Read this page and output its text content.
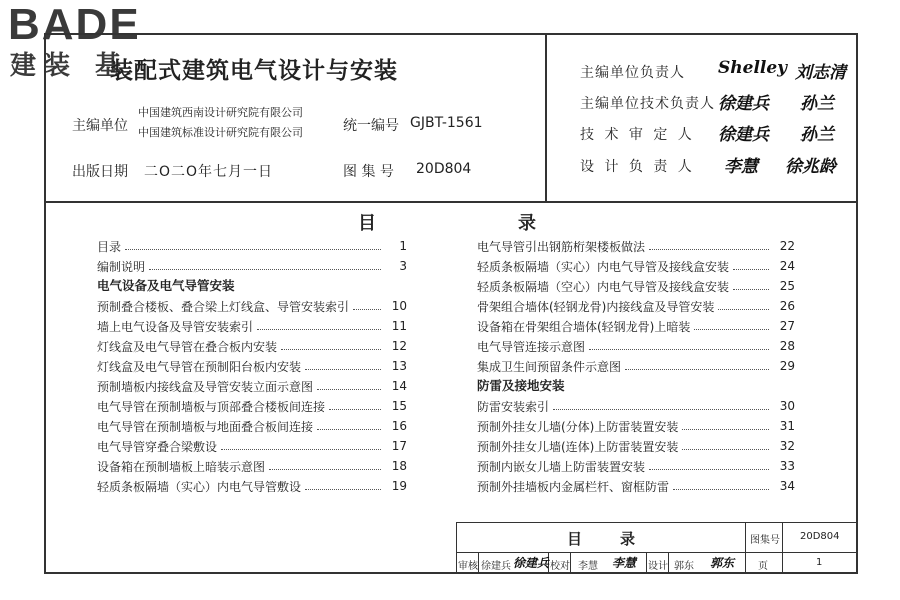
BADE
建装 基
装配式建筑电气设计与安装
主编单位
中国建筑西南设计研究院有限公司
中国建筑标准设计研究院有限公司	统一编号 GJBT-1561
出版日期 二O二O年七月一日	图 集 号 20D804
主编单位负责人 Shelley 刘志清
主编单位技术负责人 徐建兵 孙兰
技 术 审 定 人 徐建兵 孙兰
设 计 负 责 人 李慧 徐兆龄
目	录
目录	1
编制说明	3
电气设备及电气导管安装
预制叠合楼板、叠合梁上灯线盒、导管安装索引	10
墙上电气设备及导管安装索引	11
灯线盒及电气导管在叠合板内安装	12
灯线盒及电气导管在预制阳台板内安装	13
预制墙板内接线盒及导管安装立面示意图	14
电气导管在预制墙板与顶部叠合楼板间连接	15
电气导管在预制墙板与地面叠合板间连接	16
电气导管穿叠合梁敷设	17
设备箱在预制墙板上暗装示意图	18
轻质条板隔墙（实心）内电气导管敷设	19
电气导管引出钢筋桁架楼板做法	22
轻质条板隔墙（实心）内电气导管及接线盒安装	24
轻质条板隔墙（空心）内电气导管及接线盒安装	25
骨架组合墙体(轻钢龙骨)内接线盒及导管安装	26
设备箱在骨架组合墙体(轻钢龙骨)上暗装	27
电气导管连接示意图	28
集成卫生间预留条件示意图	29
防雷及接地安装
防雷安装索引	30
预制外挂女儿墙(分体)上防雷装置安装	31
预制外挂女儿墙(连体)上防雷装置安装	32
预制内嵌女儿墙上防雷装置安装	33
预制外挂墙板内金属栏杆、窗框防雷	34
目	录	图集号 20D804
审核 徐建兵 徐建兵 校对 李慧 李慧 设计 郭东 郭东 页	1
